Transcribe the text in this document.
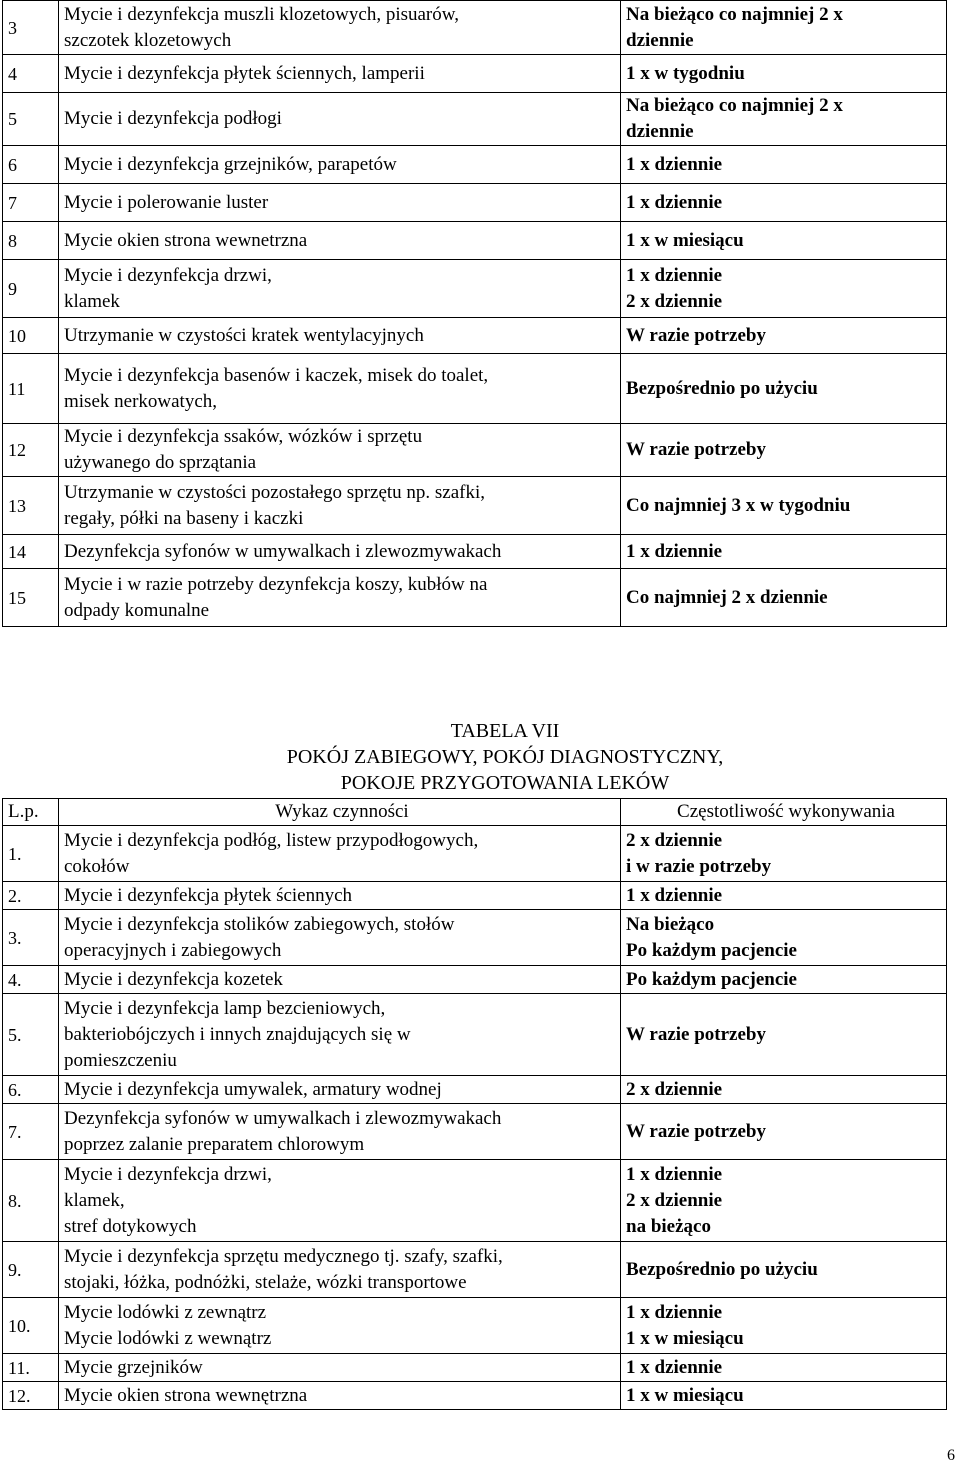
3	Mycie i dezynfekcja muszli klozetowych, pisuarów,
szczotek klozetowych	Na bieżąco co najmniej 2 x
dziennie

4	Mycie i dezynfekcja płytek ściennych, lamperii	1 x w tygodniu

5	Mycie i dezynfekcja podłogi	Na bieżąco co najmniej 2 x
dziennie

6	Mycie i dezynfekcja grzejników, parapetów	1 x dziennie

7	Mycie i polerowanie luster	1 x dziennie

8	Mycie okien strona wewnetrzna	1 x w miesiącu

9	Mycie i dezynfekcja drzwi,
klamek	1 x dziennie
2 x dziennie

10	Utrzymanie w czystości kratek wentylacyjnych	W razie potrzeby

11	Mycie i dezynfekcja basenów i kaczek, misek do toalet,
misek nerkowatych,	Bezpośrednio po użyciu

12	Mycie i dezynfekcja ssaków, wózków i sprzętu
używanego do sprzątania	W razie potrzeby

13	Utrzymanie w czystości pozostałego sprzętu np. szafki,
regały, półki na baseny i kaczki	Co najmniej 3 x w tygodniu

14	Dezynfekcja syfonów w umywalkach i zlewozmywakach	1 x dziennie

15	Mycie i w razie potrzeby dezynfekcja koszy, kubłów na
odpady komunalne	Co najmniej 2 x dziennie
TABELA VII
POKÓJ ZABIEGOWY, POKÓJ DIAGNOSTYCZNY,
POKOJE PRZYGOTOWANIA LEKÓW
L.p.	Wykaz czynności	Częstotliwość wykonywania
1.	Mycie i dezynfekcja podłóg, listew przypodłogowych,
cokołów	2 x dziennie
i w razie potrzeby

2.	Mycie i dezynfekcja płytek ściennych	1 x dziennie

3.	Mycie i dezynfekcja stolików zabiegowych, stołów
operacyjnych i zabiegowych	Na bieżąco
Po każdym pacjencie

4.	Mycie i dezynfekcja kozetek	Po każdym pacjencie

5.	Mycie i dezynfekcja lamp bezcieniowych,
bakteriobójczych i innych znajdujących się w
pomieszczeniu	W razie potrzeby

6.	Mycie i dezynfekcja umywalek, armatury wodnej	2 x dziennie

7.	Dezynfekcja syfonów w umywalkach i zlewozmywakach
poprzez zalanie preparatem chlorowym	W razie potrzeby

8.	Mycie i dezynfekcja drzwi,
klamek,
stref dotykowych	1 x dziennie
2 x dziennie
na bieżąco

9.	Mycie i dezynfekcja sprzętu medycznego tj. szafy, szafki,
stojaki, łóżka, podnóżki, stelaże, wózki transportowe	Bezpośrednio po użyciu

10.	Mycie lodówki z zewnątrz
Mycie lodówki z wewnątrz	1 x dziennie
1 x w miesiącu

11.	Mycie grzejników	1 x dziennie

12.	Mycie okien strona wewnętrzna	1 x w miesiącu
6
